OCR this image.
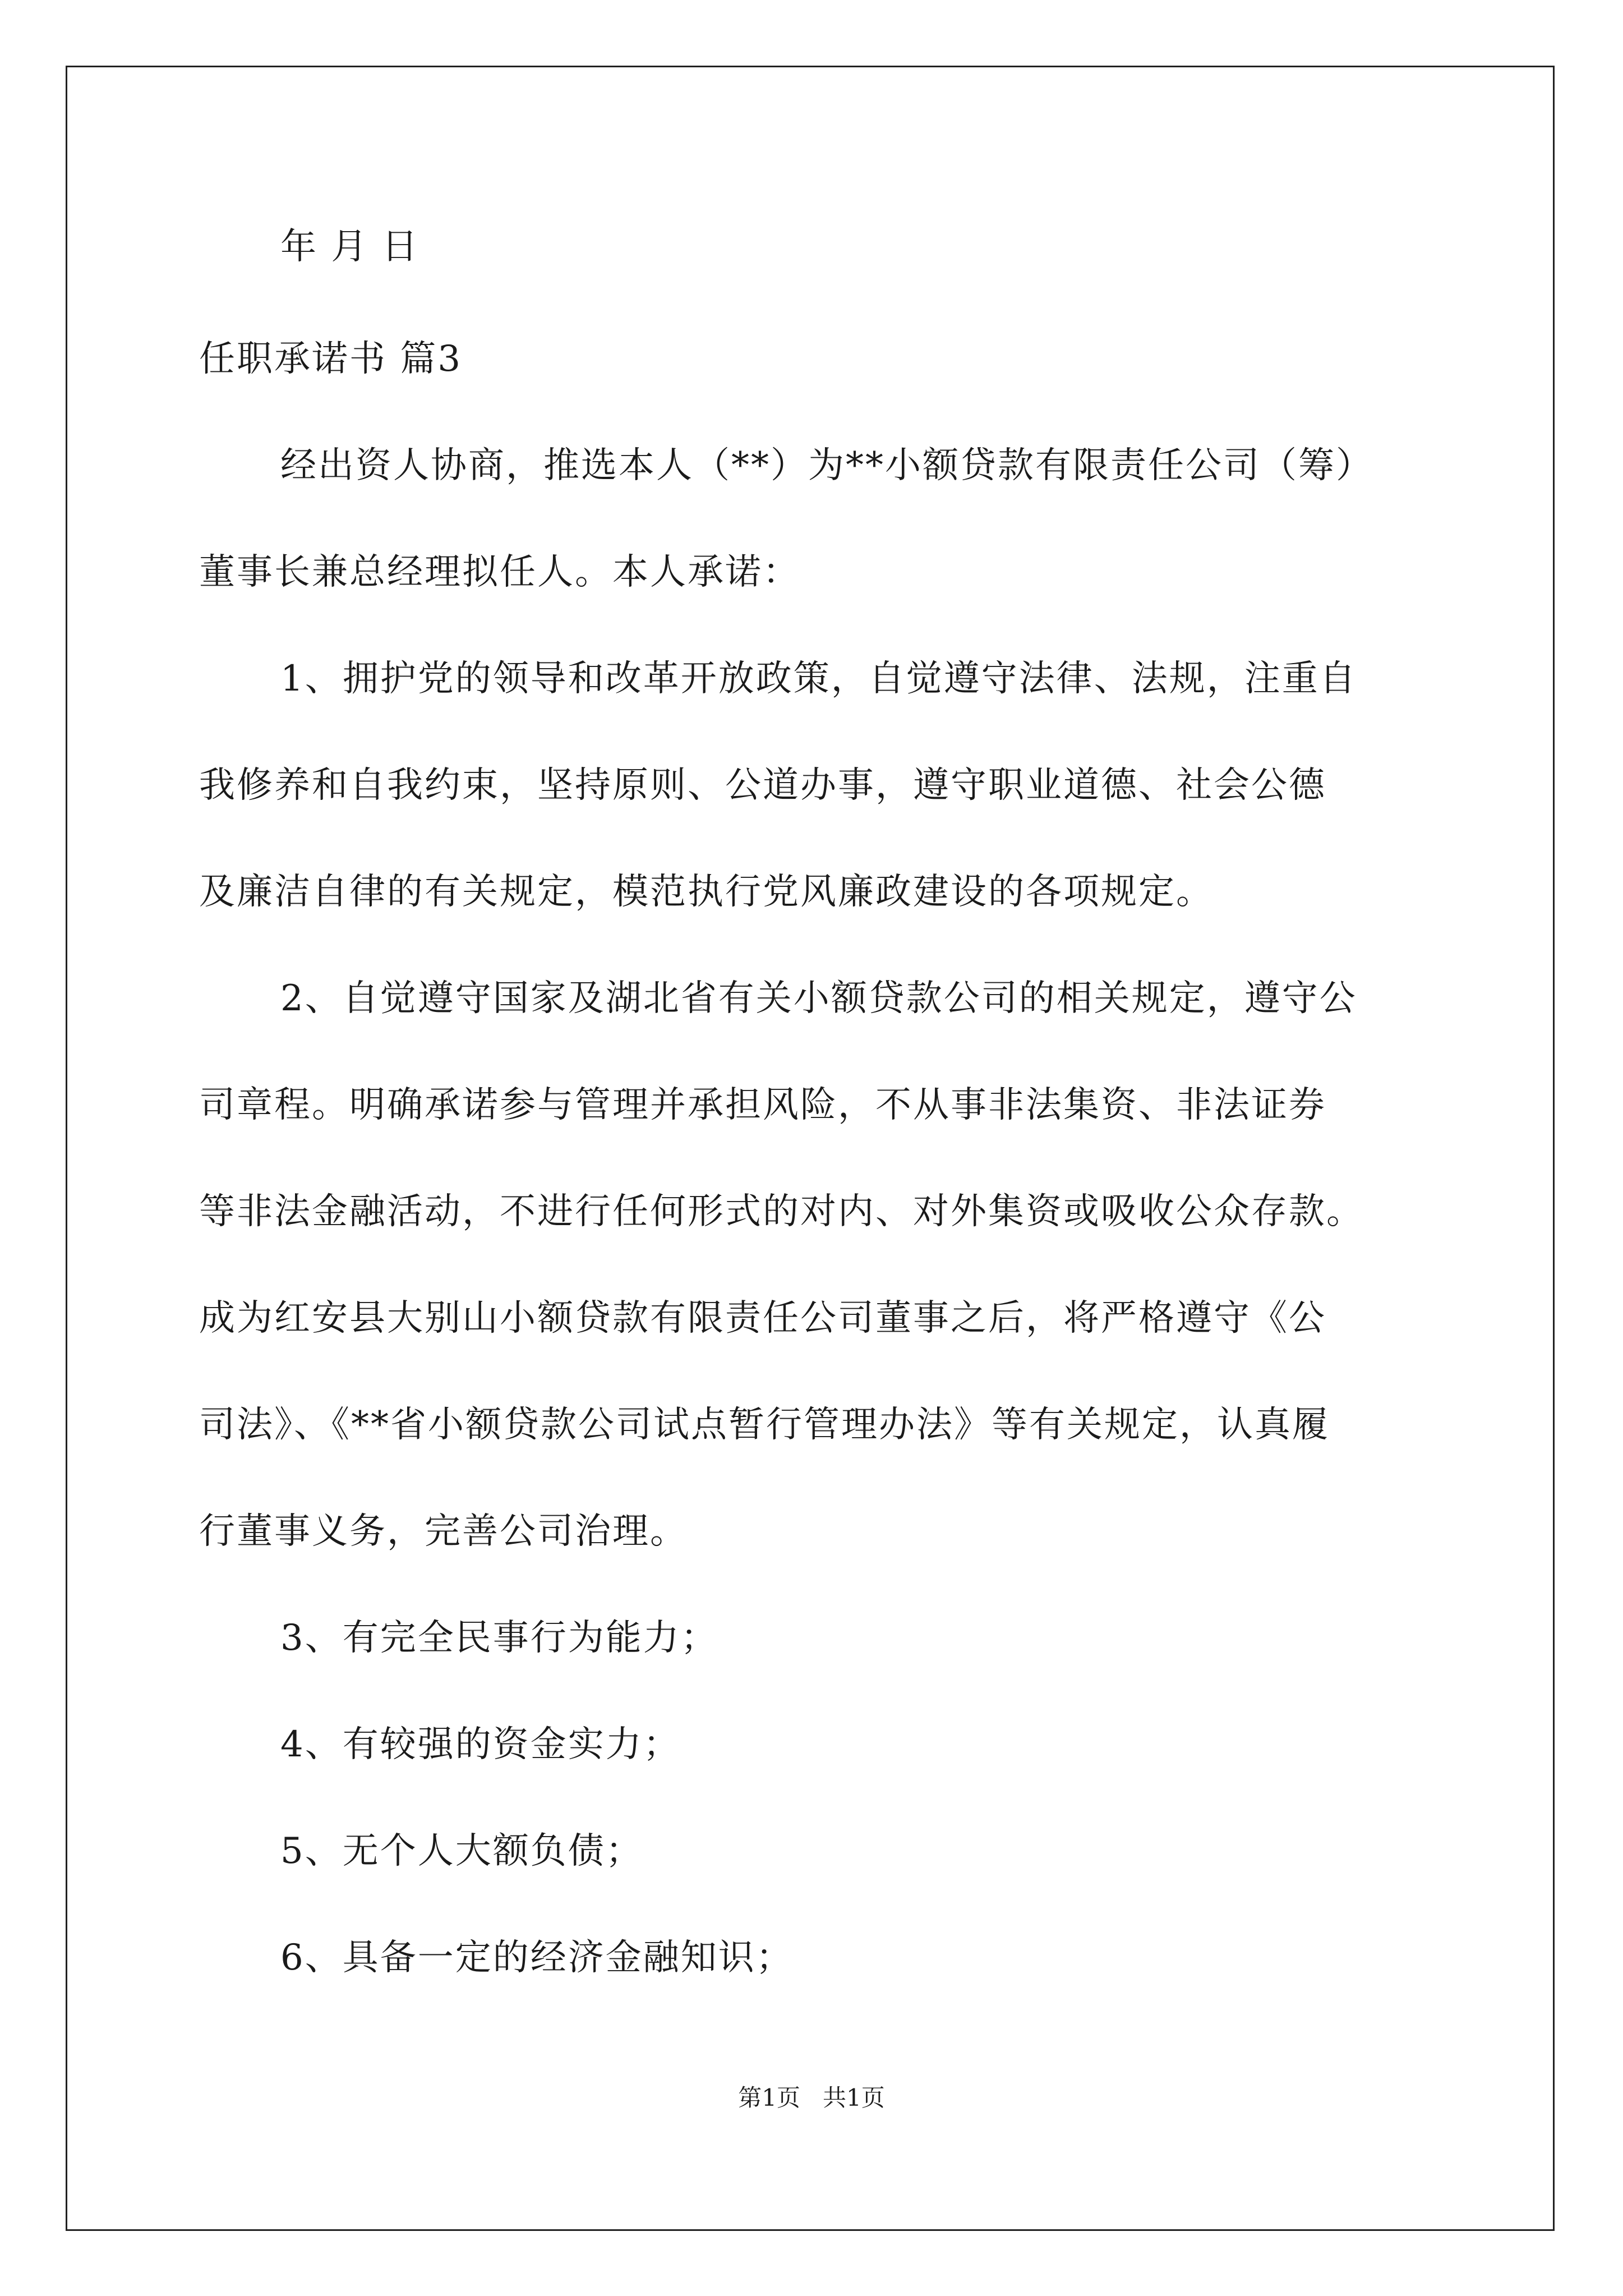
年 月 日
任职承诺书 篇3
经出资人协商，推选本人（**）为**小额贷款有限责任公司（筹）
董事长兼总经理拟任人。本人承诺：
1、拥护党的领导和改革开放政策，自觉遵守法律、法规，注重自
我修养和自我约束，坚持原则、公道办事，遵守职业道德、社会公德
及廉洁自律的有关规定，模范执行党风廉政建设的各项规定。
2、自觉遵守国家及湖北省有关小额贷款公司的相关规定，遵守公
司章程。明确承诺参与管理并承担风险，不从事非法集资、非法证券
等非法金融活动，不进行任何形式的对内、对外集资或吸收公众存款。
成为红安县大别山小额贷款有限责任公司董事之后，将严格遵守《公
司法》、《**省小额贷款公司试点暂行管理办法》等有关规定，认真履
行董事义务，完善公司治理。
3、有完全民事行为能力；
4、有较强的资金实力；
5、无个人大额负债；
6、具备一定的经济金融知识；
第1页   共1页
